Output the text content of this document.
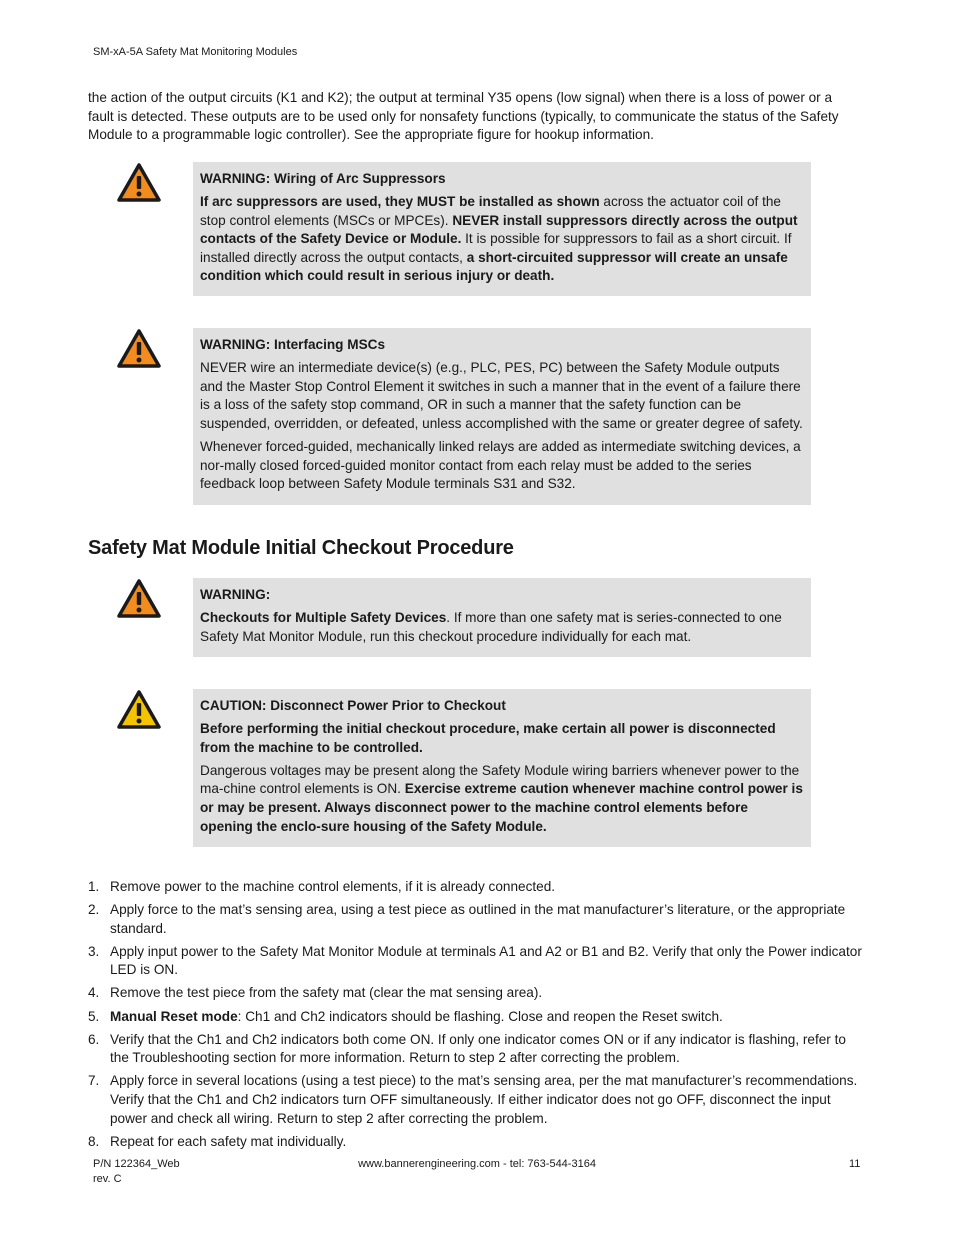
SM-xA-5A Safety Mat Monitoring Modules

the action of the output circuits (K1 and K2); the output at terminal Y35 opens (low signal) when there is a loss of power or a fault is detected. These outputs are to be used only for nonsafety functions (typically, to communicate the status of the Safety Module to a programmable logic controller). See the appropriate figure for hookup information.

WARNING: Wiring of Arc Suppressors

If arc suppressors are used, they MUST be installed as shown across the actuator coil of the stop control elements (MSCs or MPCEs). NEVER install suppressors directly across the output contacts of the Safety Device or Module. It is possible for suppressors to fail as a short circuit. If installed directly across the output contacts, a short-circuited suppressor will create an unsafe condition which could result in serious injury or death.

WARNING: Interfacing MSCs

NEVER wire an intermediate device(s) (e.g., PLC, PES, PC) between the Safety Module outputs and the Master Stop Control Element it switches in such a manner that in the event of a failure there is a loss of the safety stop command, OR in such a manner that the safety function can be suspended, overridden, or defeated, unless accomplished with the same or greater degree of safety.

Whenever forced-guided, mechanically linked relays are added as intermediate switching devices, a nor-mally closed forced-guided monitor contact from each relay must be added to the series feedback loop between Safety Module terminals S31 and S32.

Safety Mat Module Initial Checkout Procedure

WARNING:

Checkouts for Multiple Safety Devices. If more than one safety mat is series-connected to one Safety Mat Monitor Module, run this checkout procedure individually for each mat.

CAUTION: Disconnect Power Prior to Checkout

Before performing the initial checkout procedure, make certain all power is disconnected from the machine to be controlled.

Dangerous voltages may be present along the Safety Module wiring barriers whenever power to the ma-chine control elements is ON. Exercise extreme caution whenever machine control power is or may be present. Always disconnect power to the machine control elements before opening the enclo-sure housing of the Safety Module.

1. Remove power to the machine control elements, if it is already connected.
2. Apply force to the mat’s sensing area, using a test piece as outlined in the mat manufacturer’s literature, or the appropriate standard.
3. Apply input power to the Safety Mat Monitor Module at terminals A1 and A2 or B1 and B2. Verify that only the Power indicator LED is ON.
4. Remove the test piece from the safety mat (clear the mat sensing area).
5. Manual Reset mode: Ch1 and Ch2 indicators should be flashing. Close and reopen the Reset switch.
6. Verify that the Ch1 and Ch2 indicators both come ON. If only one indicator comes ON or if any indicator is flashing, refer to the Troubleshooting section for more information. Return to step 2 after correcting the problem.
7. Apply force in several locations (using a test piece) to the mat’s sensing area, per the mat manufacturer’s recommendations. Verify that the Ch1 and Ch2 indicators turn OFF simultaneously. If either indicator does not go OFF, disconnect the input power and check all wiring. Return to step 2 after correcting the problem.
8. Repeat for each safety mat individually.
P/N 122364_Web
rev. C
www.bannerengineering.com - tel: 763-544-3164	11
